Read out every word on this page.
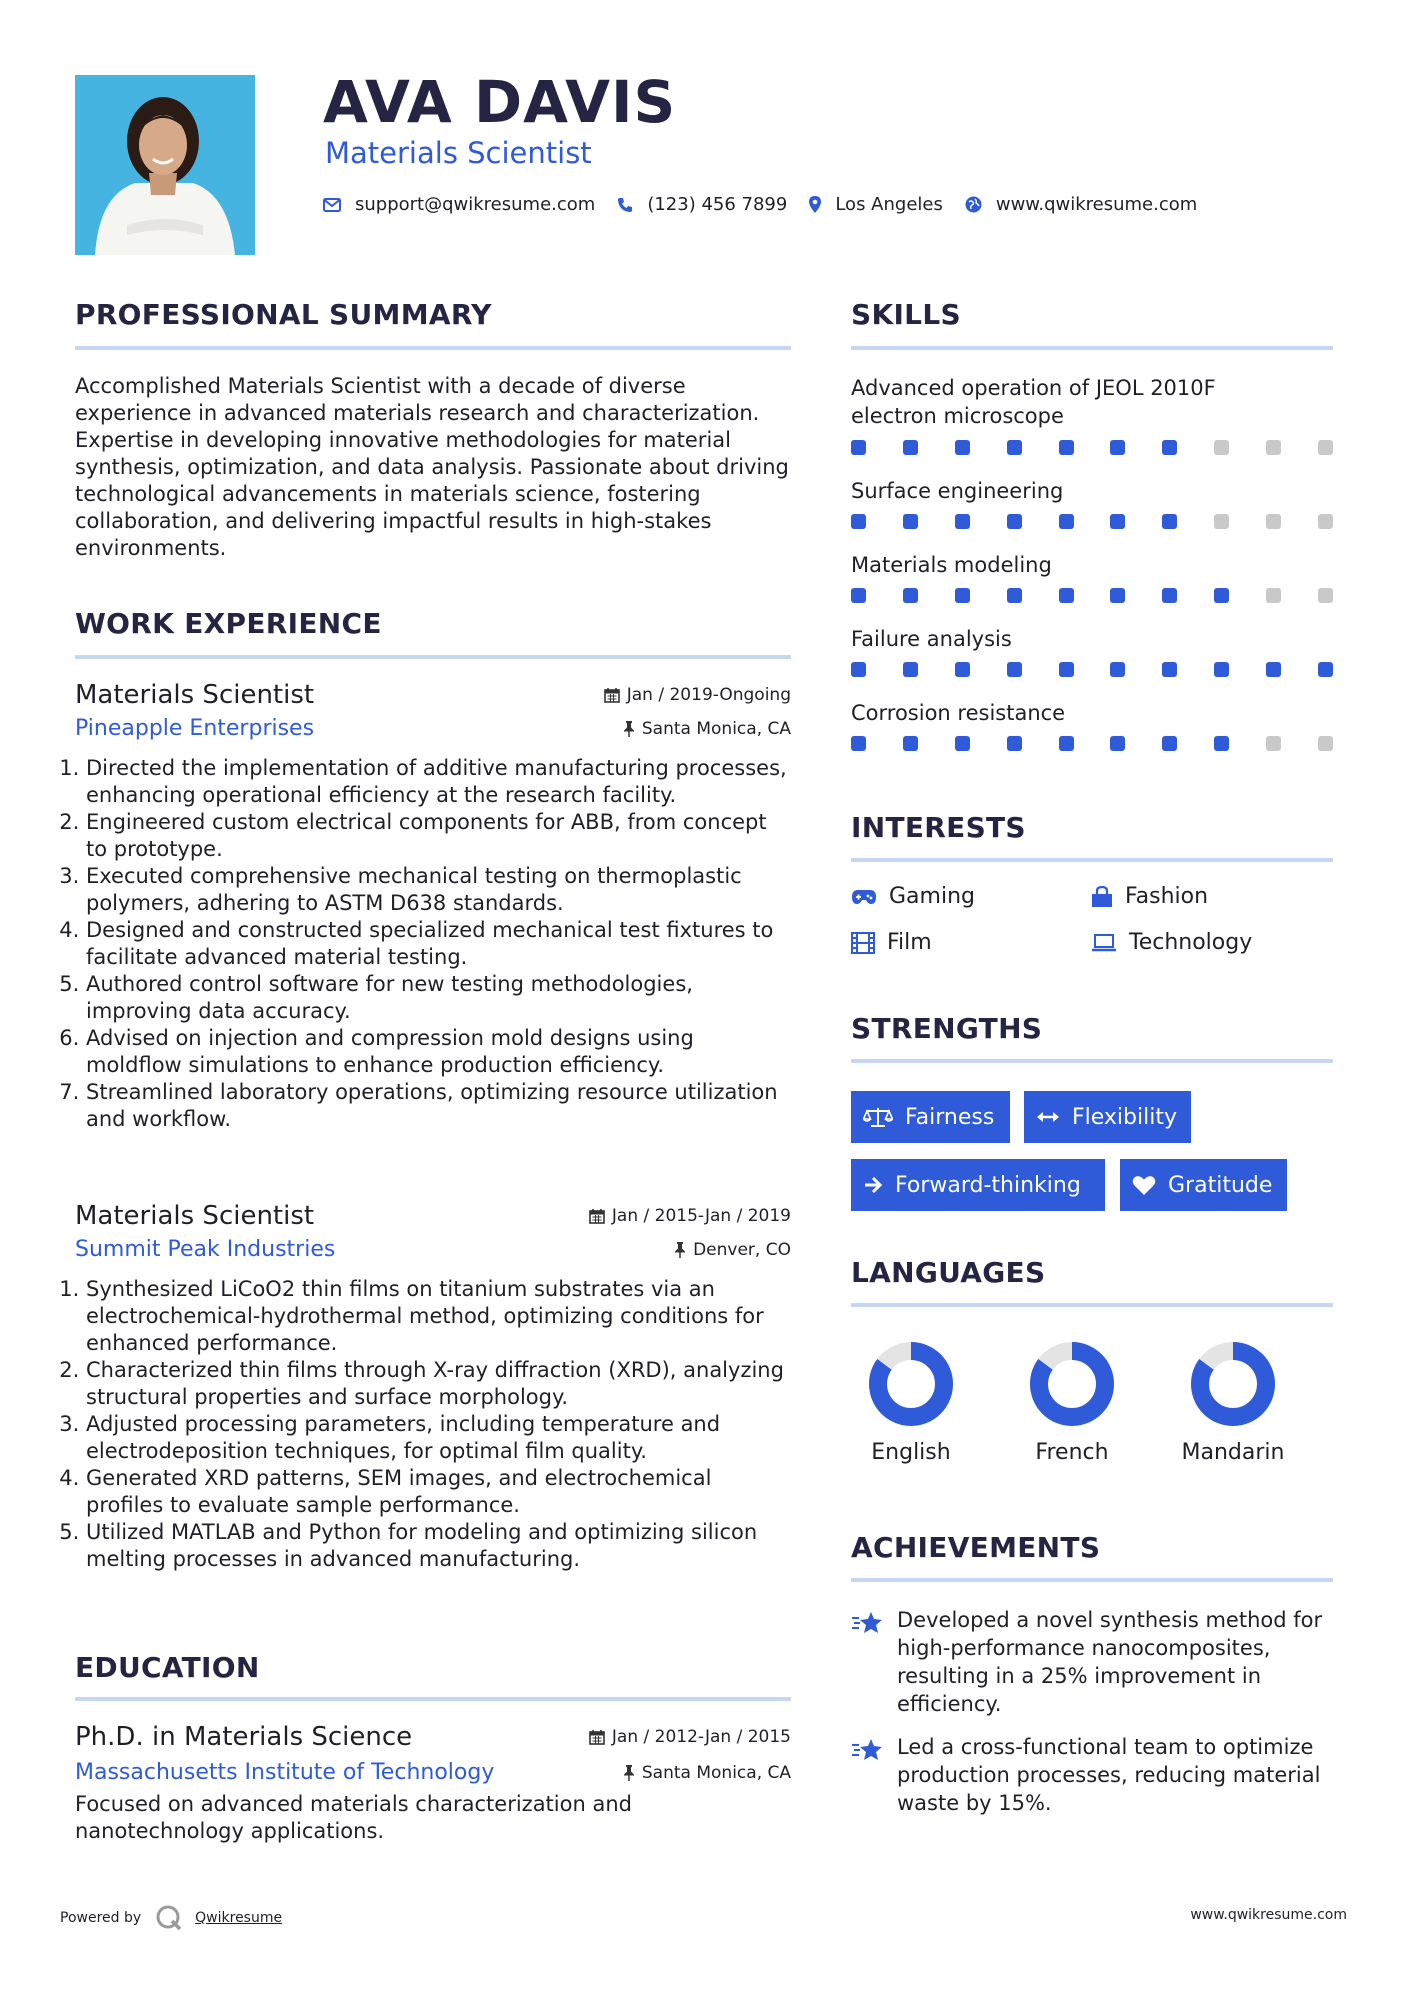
AVA DAVIS
Materials Scientist
support@qwikresume.com	(123) 456 7899	Los Angeles	www.qwikresume.com
PROFESSIONAL SUMMARY
Accomplished Materials Scientist with a decade of diverse experience in advanced materials research and characterization. Expertise in developing innovative methodologies for material synthesis, optimization, and data analysis. Passionate about driving technological advancements in materials science, fostering collaboration, and delivering impactful results in high-stakes environments.
WORK EXPERIENCE
Materials Scientist	Jan / 2019-Ongoing
Pineapple Enterprises	Santa Monica, CA
1. Directed the implementation of additive manufacturing processes, enhancing operational efficiency at the research facility.
2. Engineered custom electrical components for ABB, from concept to prototype.
3. Executed comprehensive mechanical testing on thermoplastic polymers, adhering to ASTM D638 standards.
4. Designed and constructed specialized mechanical test fixtures to facilitate advanced material testing.
5. Authored control software for new testing methodologies, improving data accuracy.
6. Advised on injection and compression mold designs using moldflow simulations to enhance production efficiency.
7. Streamlined laboratory operations, optimizing resource utilization and workflow.
Materials Scientist	Jan / 2015-Jan / 2019
Summit Peak Industries	Denver, CO
1. Synthesized LiCoO2 thin films on titanium substrates via an electrochemical-hydrothermal method, optimizing conditions for enhanced performance.
2. Characterized thin films through X-ray diffraction (XRD), analyzing structural properties and surface morphology.
3. Adjusted processing parameters, including temperature and electrodeposition techniques, for optimal film quality.
4. Generated XRD patterns, SEM images, and electrochemical profiles to evaluate sample performance.
5. Utilized MATLAB and Python for modeling and optimizing silicon melting processes in advanced manufacturing.
EDUCATION
Ph.D. in Materials Science	Jan / 2012-Jan / 2015
Massachusetts Institute of Technology	Santa Monica, CA
Focused on advanced materials characterization and nanotechnology applications.
SKILLS
Advanced operation of JEOL 2010F electron microscope
Surface engineering
Materials modeling
Failure analysis
Corrosion resistance
INTERESTS
Gaming	Fashion
Film	Technology
STRENGTHS
Fairness	Flexibility
Forward-thinking	Gratitude
LANGUAGES
English	French	Mandarin
ACHIEVEMENTS
Developed a novel synthesis method for high-performance nanocomposites, resulting in a 25% improvement in efficiency.
Led a cross-functional team to optimize production processes, reducing material waste by 15%.
Powered by	Qwikresume	www.qwikresume.com
